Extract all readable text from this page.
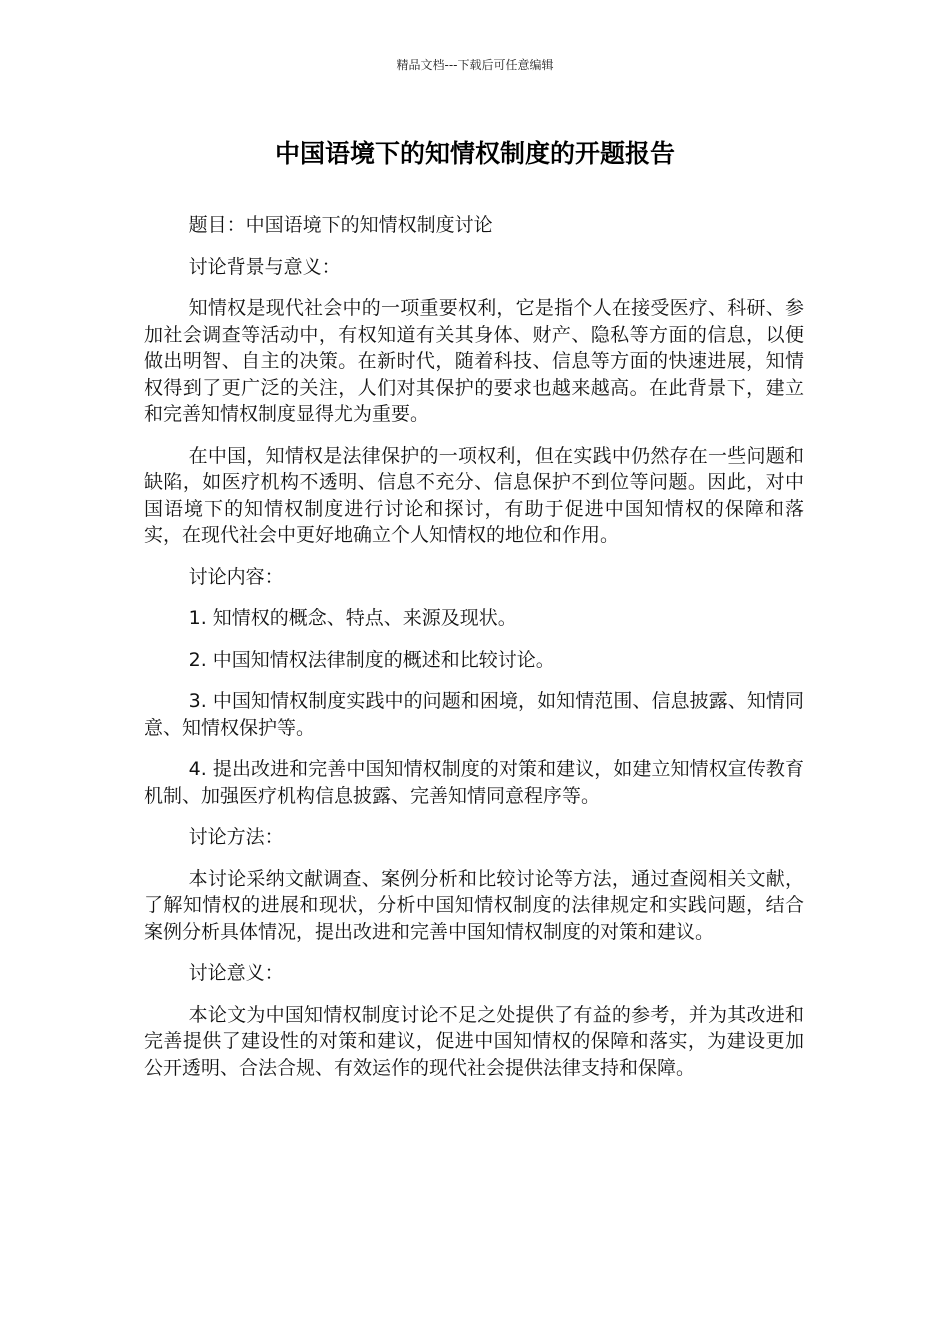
精品文档---下载后可任意编辑
中国语境下的知情权制度的开题报告

题目：中国语境下的知情权制度讨论

讨论背景与意义：

知情权是现代社会中的一项重要权利，它是指个人在接受医疗、科研、参加社会调查等活动中，有权知道有关其身体、财产、隐私等方面的信息，以便做出明智、自主的决策。在新时代，随着科技、信息等方面的快速进展，知情权得到了更广泛的关注，人们对其保护的要求也越来越高。在此背景下，建立和完善知情权制度显得尤为重要。

在中国，知情权是法律保护的一项权利，但在实践中仍然存在一些问题和缺陷，如医疗机构不透明、信息不充分、信息保护不到位等问题。因此，对中国语境下的知情权制度进行讨论和探讨，有助于促进中国知情权的保障和落实，在现代社会中更好地确立个人知情权的地位和作用。

讨论内容：

1. 知情权的概念、特点、来源及现状。

2. 中国知情权法律制度的概述和比较讨论。

3. 中国知情权制度实践中的问题和困境，如知情范围、信息披露、知情同意、知情权保护等。

4. 提出改进和完善中国知情权制度的对策和建议，如建立知情权宣传教育机制、加强医疗机构信息披露、完善知情同意程序等。

讨论方法：

本讨论采纳文献调查、案例分析和比较讨论等方法，通过查阅相关文献，了解知情权的进展和现状，分析中国知情权制度的法律规定和实践问题，结合案例分析具体情况，提出改进和完善中国知情权制度的对策和建议。

讨论意义：

本论文为中国知情权制度讨论不足之处提供了有益的参考，并为其改进和完善提供了建设性的对策和建议，促进中国知情权的保障和落实，为建设更加公开透明、合法合规、有效运作的现代社会提供法律支持和保障。
